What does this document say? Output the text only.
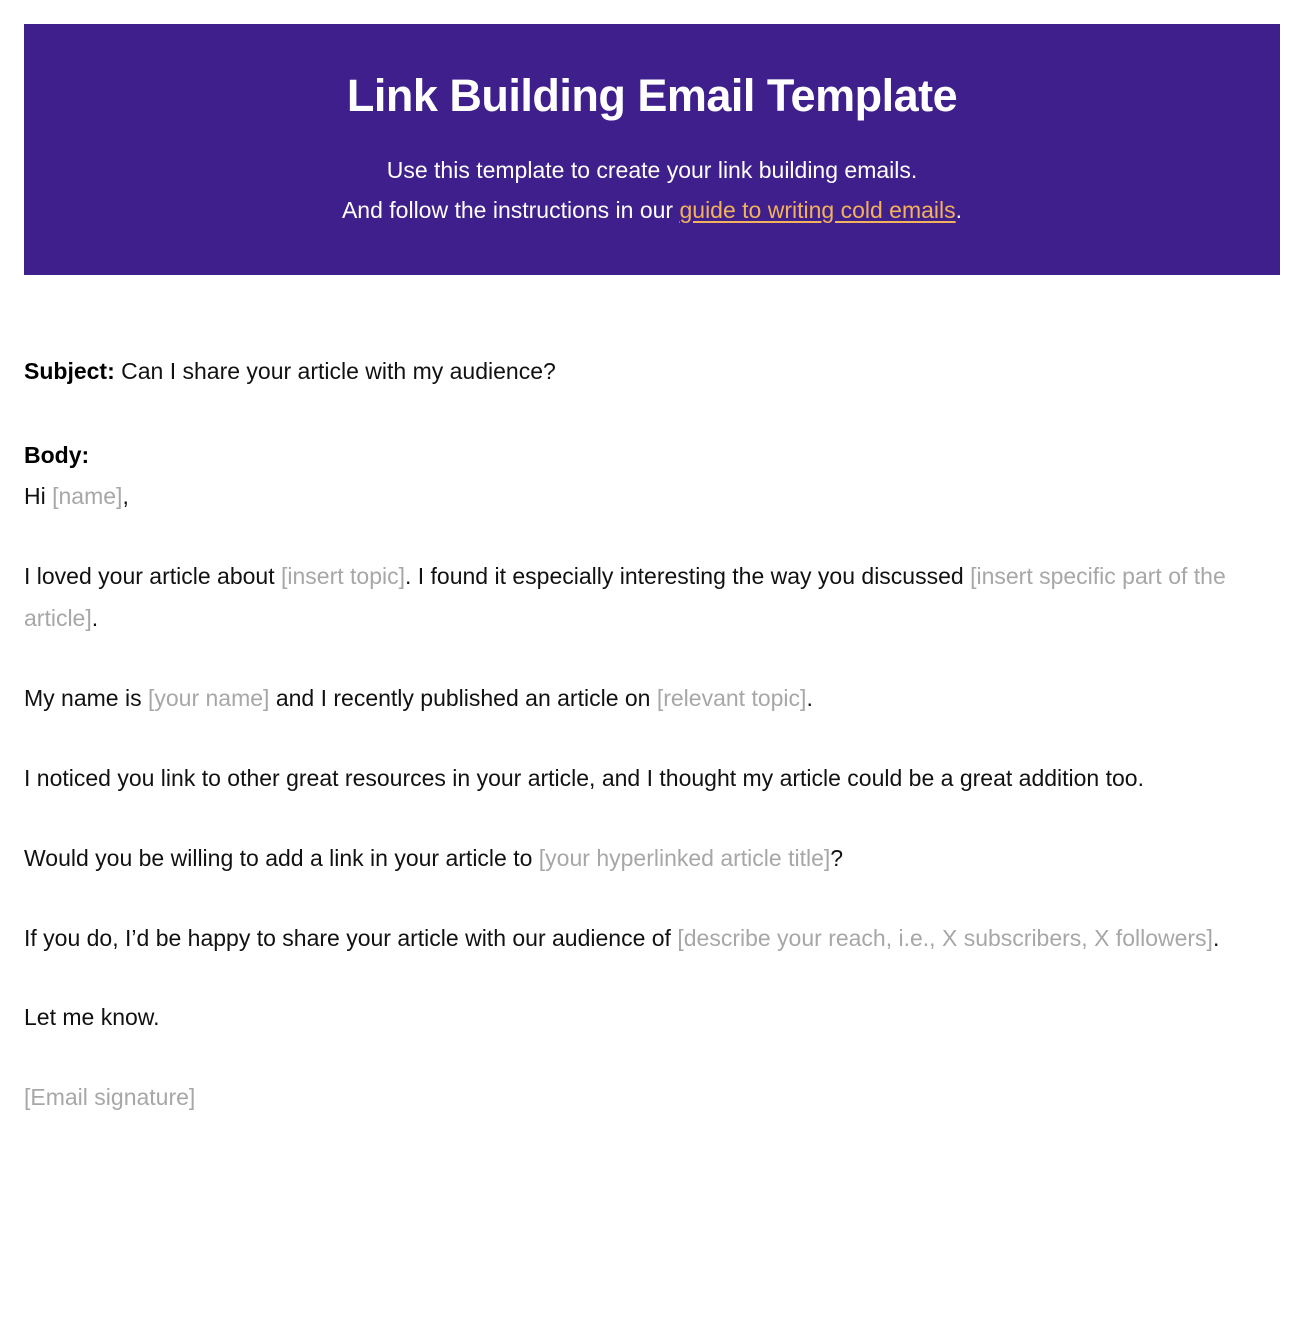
Link Building Email Template

Use this template to create your link building emails.
And follow the instructions in our guide to writing cold emails.

Subject: Can I share your article with my audience?

Body:

Hi [name],

I loved your article about [insert topic]. I found it especially interesting the way you discussed [insert specific part of the article].

My name is [your name] and I recently published an article on [relevant topic].

I noticed you link to other great resources in your article, and I thought my article could be a great addition too.

Would you be willing to add a link in your article to [your hyperlinked article title]?

If you do, I’d be happy to share your article with our audience of [describe your reach, i.e., X subscribers, X followers].

Let me know.

[Email signature]
